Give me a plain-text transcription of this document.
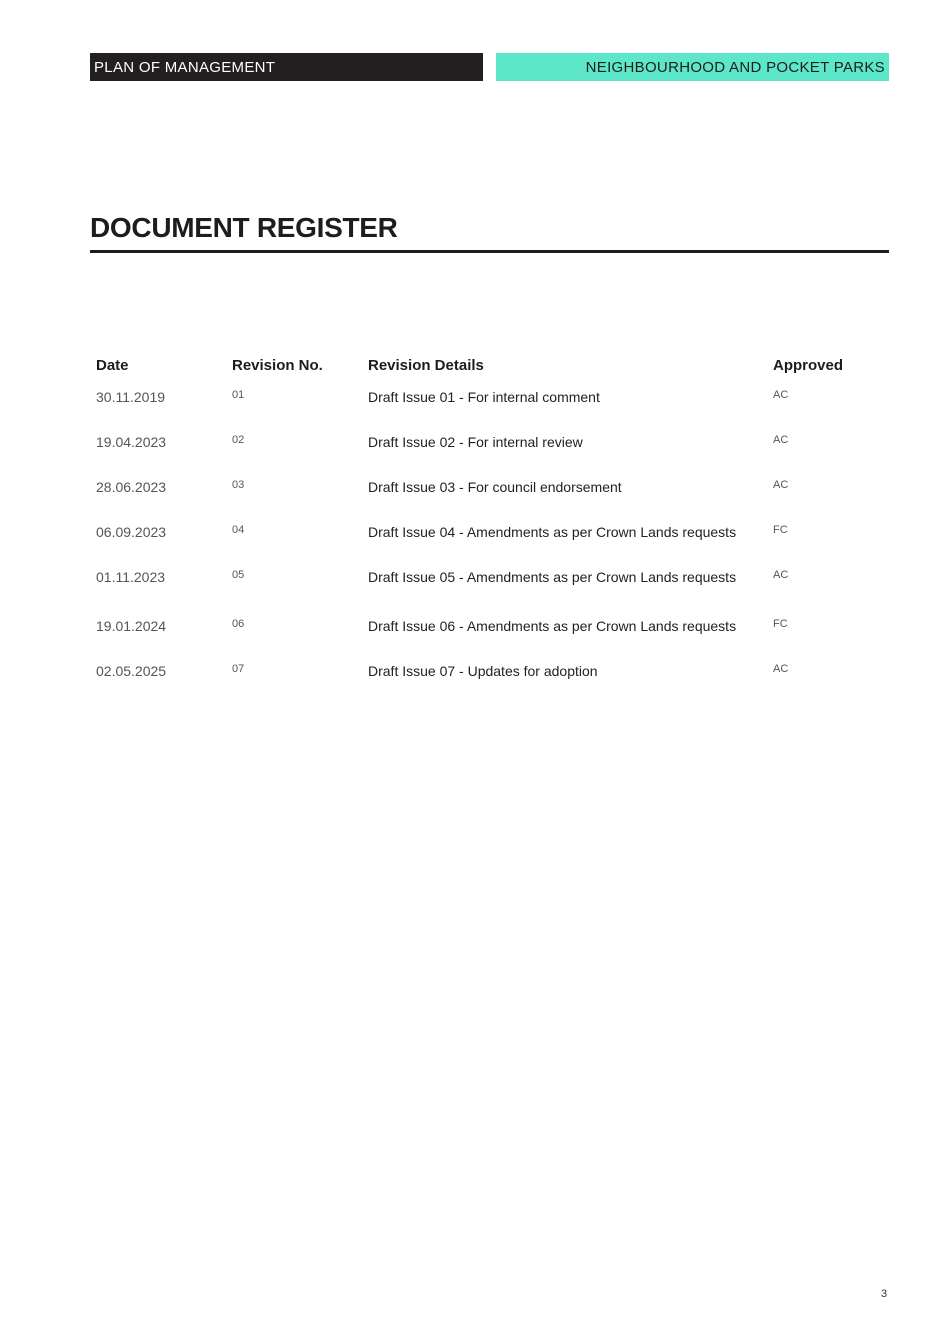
PLAN OF MANAGEMENT	NEIGHBOURHOOD AND POCKET PARKS
DOCUMENT REGISTER
Date	Revision No.	Revision Details	Approved
30.11.2019	01	Draft Issue 01 - For internal comment	AC
19.04.2023	02	Draft Issue 02 - For internal review	AC
28.06.2023	03	Draft Issue 03 - For council endorsement	AC
06.09.2023	04	Draft Issue 04 - Amendments as per Crown Lands requests	FC
01.11.2023	05	Draft Issue 05 - Amendments as per Crown Lands requests	AC
19.01.2024	06	Draft Issue 06 - Amendments as per Crown Lands requests	FC
02.05.2025	07	Draft Issue 07 - Updates for adoption	AC
3
